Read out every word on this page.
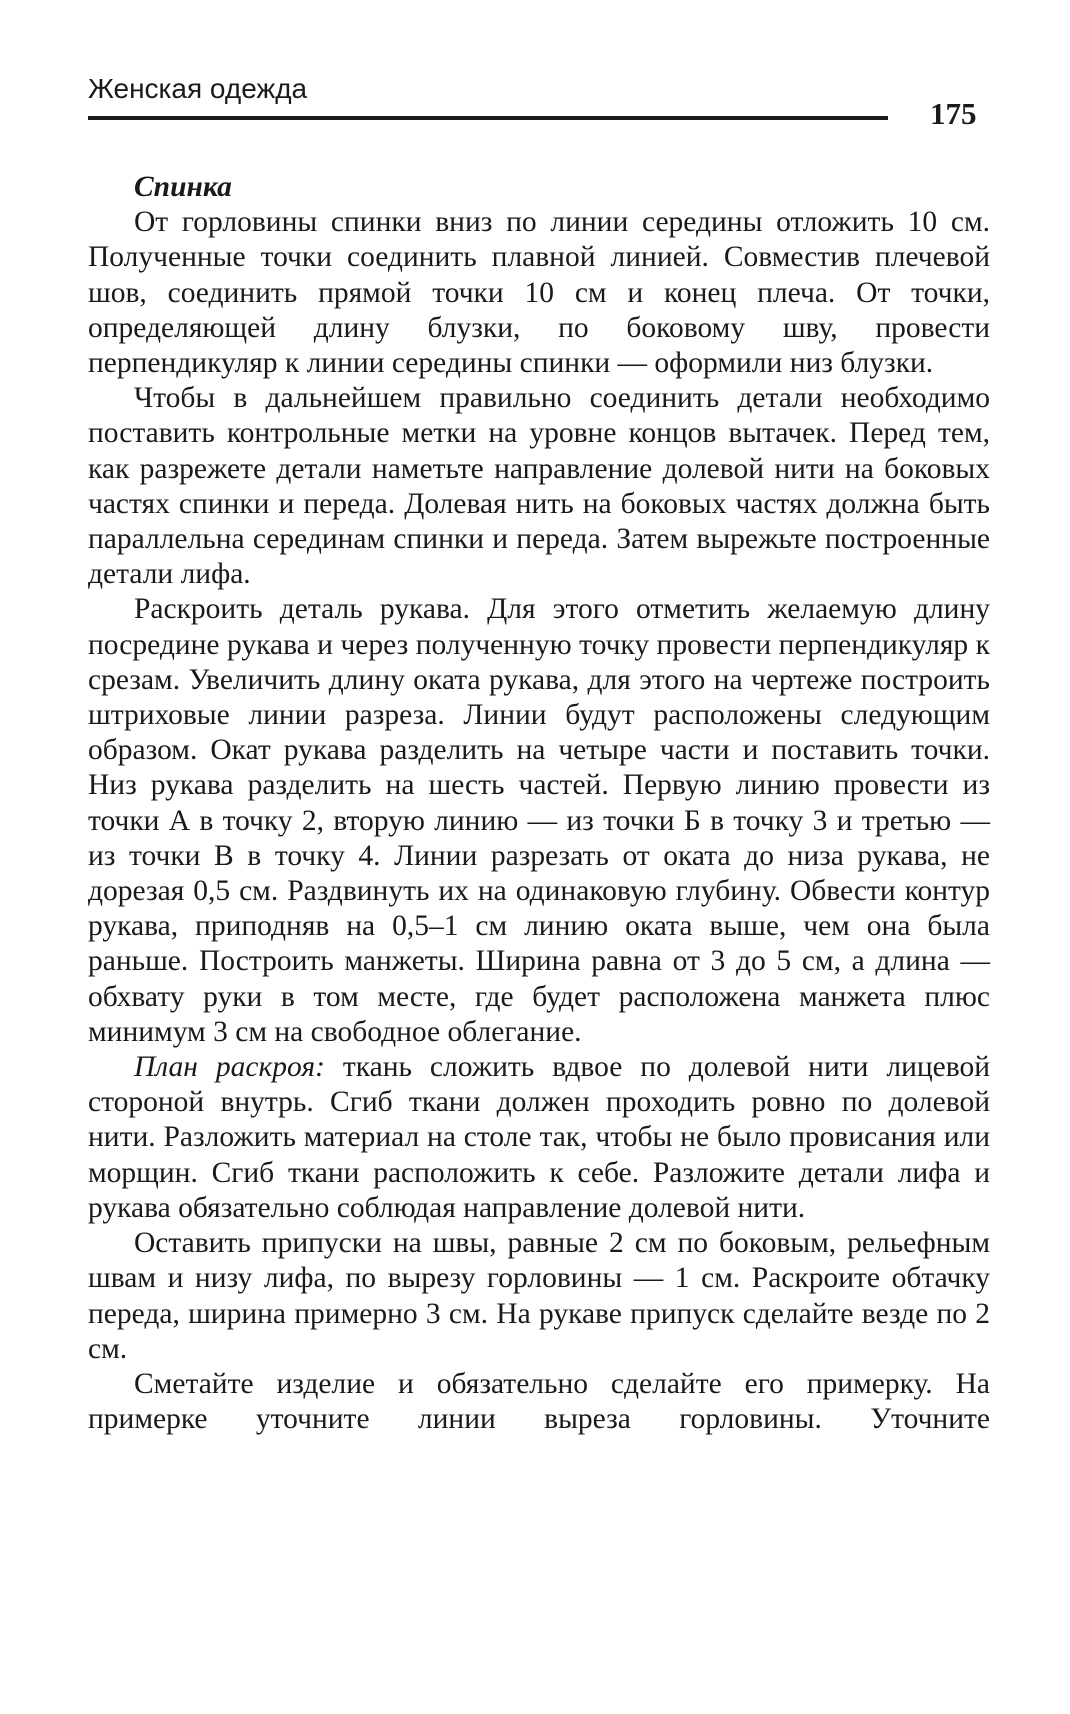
Женская одежда
175
Спинка

От горловины спинки вниз по линии середины отложить 10 см. Полученные точки соединить плавной линией. Совместив плечевой шов, соединить прямой точки 10 см и конец плеча. От точки, определяющей длину блузки, по боковому шву, провести перпендикуляр к линии середины спинки — оформили низ блузки.

Чтобы в дальнейшем правильно соединить детали необходимо поставить контрольные метки на уровне концов вытачек. Перед тем, как разрежете детали наметьте направление долевой нити на боковых частях спинки и переда. Долевая нить на боковых частях должна быть параллельна серединам спинки и переда. Затем вырежьте построенные детали лифа.

Раскроить деталь рукава. Для этого отметить желаемую длину посредине рукава и через полученную точку провести перпендикуляр к срезам. Увеличить длину оката рукава, для этого на чертеже построить штриховые линии разреза. Линии будут расположены следующим образом. Окат рукава разделить на четыре части и поставить точки. Низ рукава разделить на шесть частей. Первую линию провести из точки А в точку 2, вторую линию — из точки Б в точку 3 и третью — из точки В в точку 4. Линии разрезать от оката до низа рукава, не дорезая 0,5 см. Раздвинуть их на одинаковую глубину. Обвести контур рукава, приподняв на 0,5–1 см линию оката выше, чем она была раньше. Построить манжеты. Ширина равна от 3 до 5 см, а длина — обхвату руки в том месте, где будет расположена манжета плюс минимум 3 см на свободное облегание.

План раскроя: ткань сложить вдвое по долевой нити лицевой стороной внутрь. Сгиб ткани должен проходить ровно по долевой нити. Разложить материал на столе так, чтобы не было провисания или морщин. Сгиб ткани расположить к себе. Разложите детали лифа и рукава обязательно соблюдая направление долевой нити.

Оставить припуски на швы, равные 2 см по боковым, рельефным швам и низу лифа, по вырезу горловины — 1 см. Раскроите обтачку переда, ширина примерно 3 см. На рукаве припуск сделайте везде по 2 см.

Сметайте изделие и обязательно сделайте его примерку. На примерке уточните линии выреза горловины. Уточните
